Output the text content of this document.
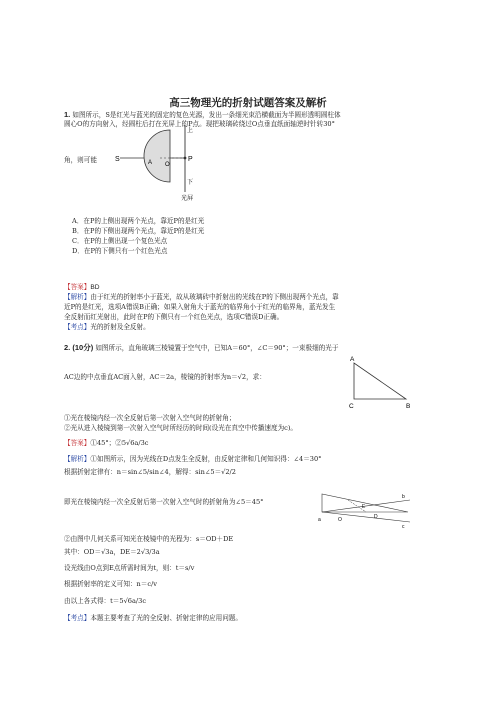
高三物理光的折射试题答案及解析
1. 如图所示，S是红光与蓝光的固定的复色光源，发出一条细光束沿横截面为半圆形透明圆柱体
圆心O的方向射入，经圆柱后打在光屏上的P点。现把玻璃砖绕过O点垂直纸面轴逆时针转30°
S	A O
上
P
下
光屏
角，则可能
A．在P的上侧出现两个光点，靠近P的是红光
B．在P的下侧出现两个光点，靠近P的是红光
C．在P的上侧出现一个复色光点
D．在P的下侧只有一个红色光点
【答案】BD
【解析】由于红光的折射率小于蓝光，故从玻璃砖中折射出的光线在P的下侧出现两个光点，靠
近P的是红光，选项A错误B正确；如果入射角大于蓝光的临界角小于红光的临界角，蓝光发生
全反射而红光射出，此时在P的下侧只有一个红色光点，选项C错误D正确。
【考点】光的折射及全反射。
2. (10分) 如图所示，直角玻璃三棱镜置于空气中，已知A＝60°，∠C＝90°；一束极细的光于
AC边的中点垂直AC面入射，AC＝2a，棱镜的折射率为n＝√2，求：
A
C	B
①光在棱镜内经一次全反射后第一次射入空气时的折射角；
②光从进入棱镜到第一次射入空气时所经历的时间(设光在真空中传播速度为c)。
【答案】①45°；②5√6a/3c
【解析】①如图所示，因为光线在D点发生全反射，由反射定律和几何知识得：∠4＝30°
根据折射定律有：n＝sin∠5/sin∠4，解得：sin∠5＝√2/2
a
E
D
O
b
c
即光在棱镜内经一次全反射后第一次射入空气时的折射角为∠5＝45°
②由图中几何关系可知光在棱镜中的光程为：s＝OD＋DE
其中：OD＝√3a，DE＝2√3/3a
设光线由O点到E点所需时间为t，则：t＝s/v
根据折射率的定义可知：n＝c/v
由以上各式得：t＝5√6a/3c
【考点】本题主要考查了光的全反射、折射定律的应用问题。
